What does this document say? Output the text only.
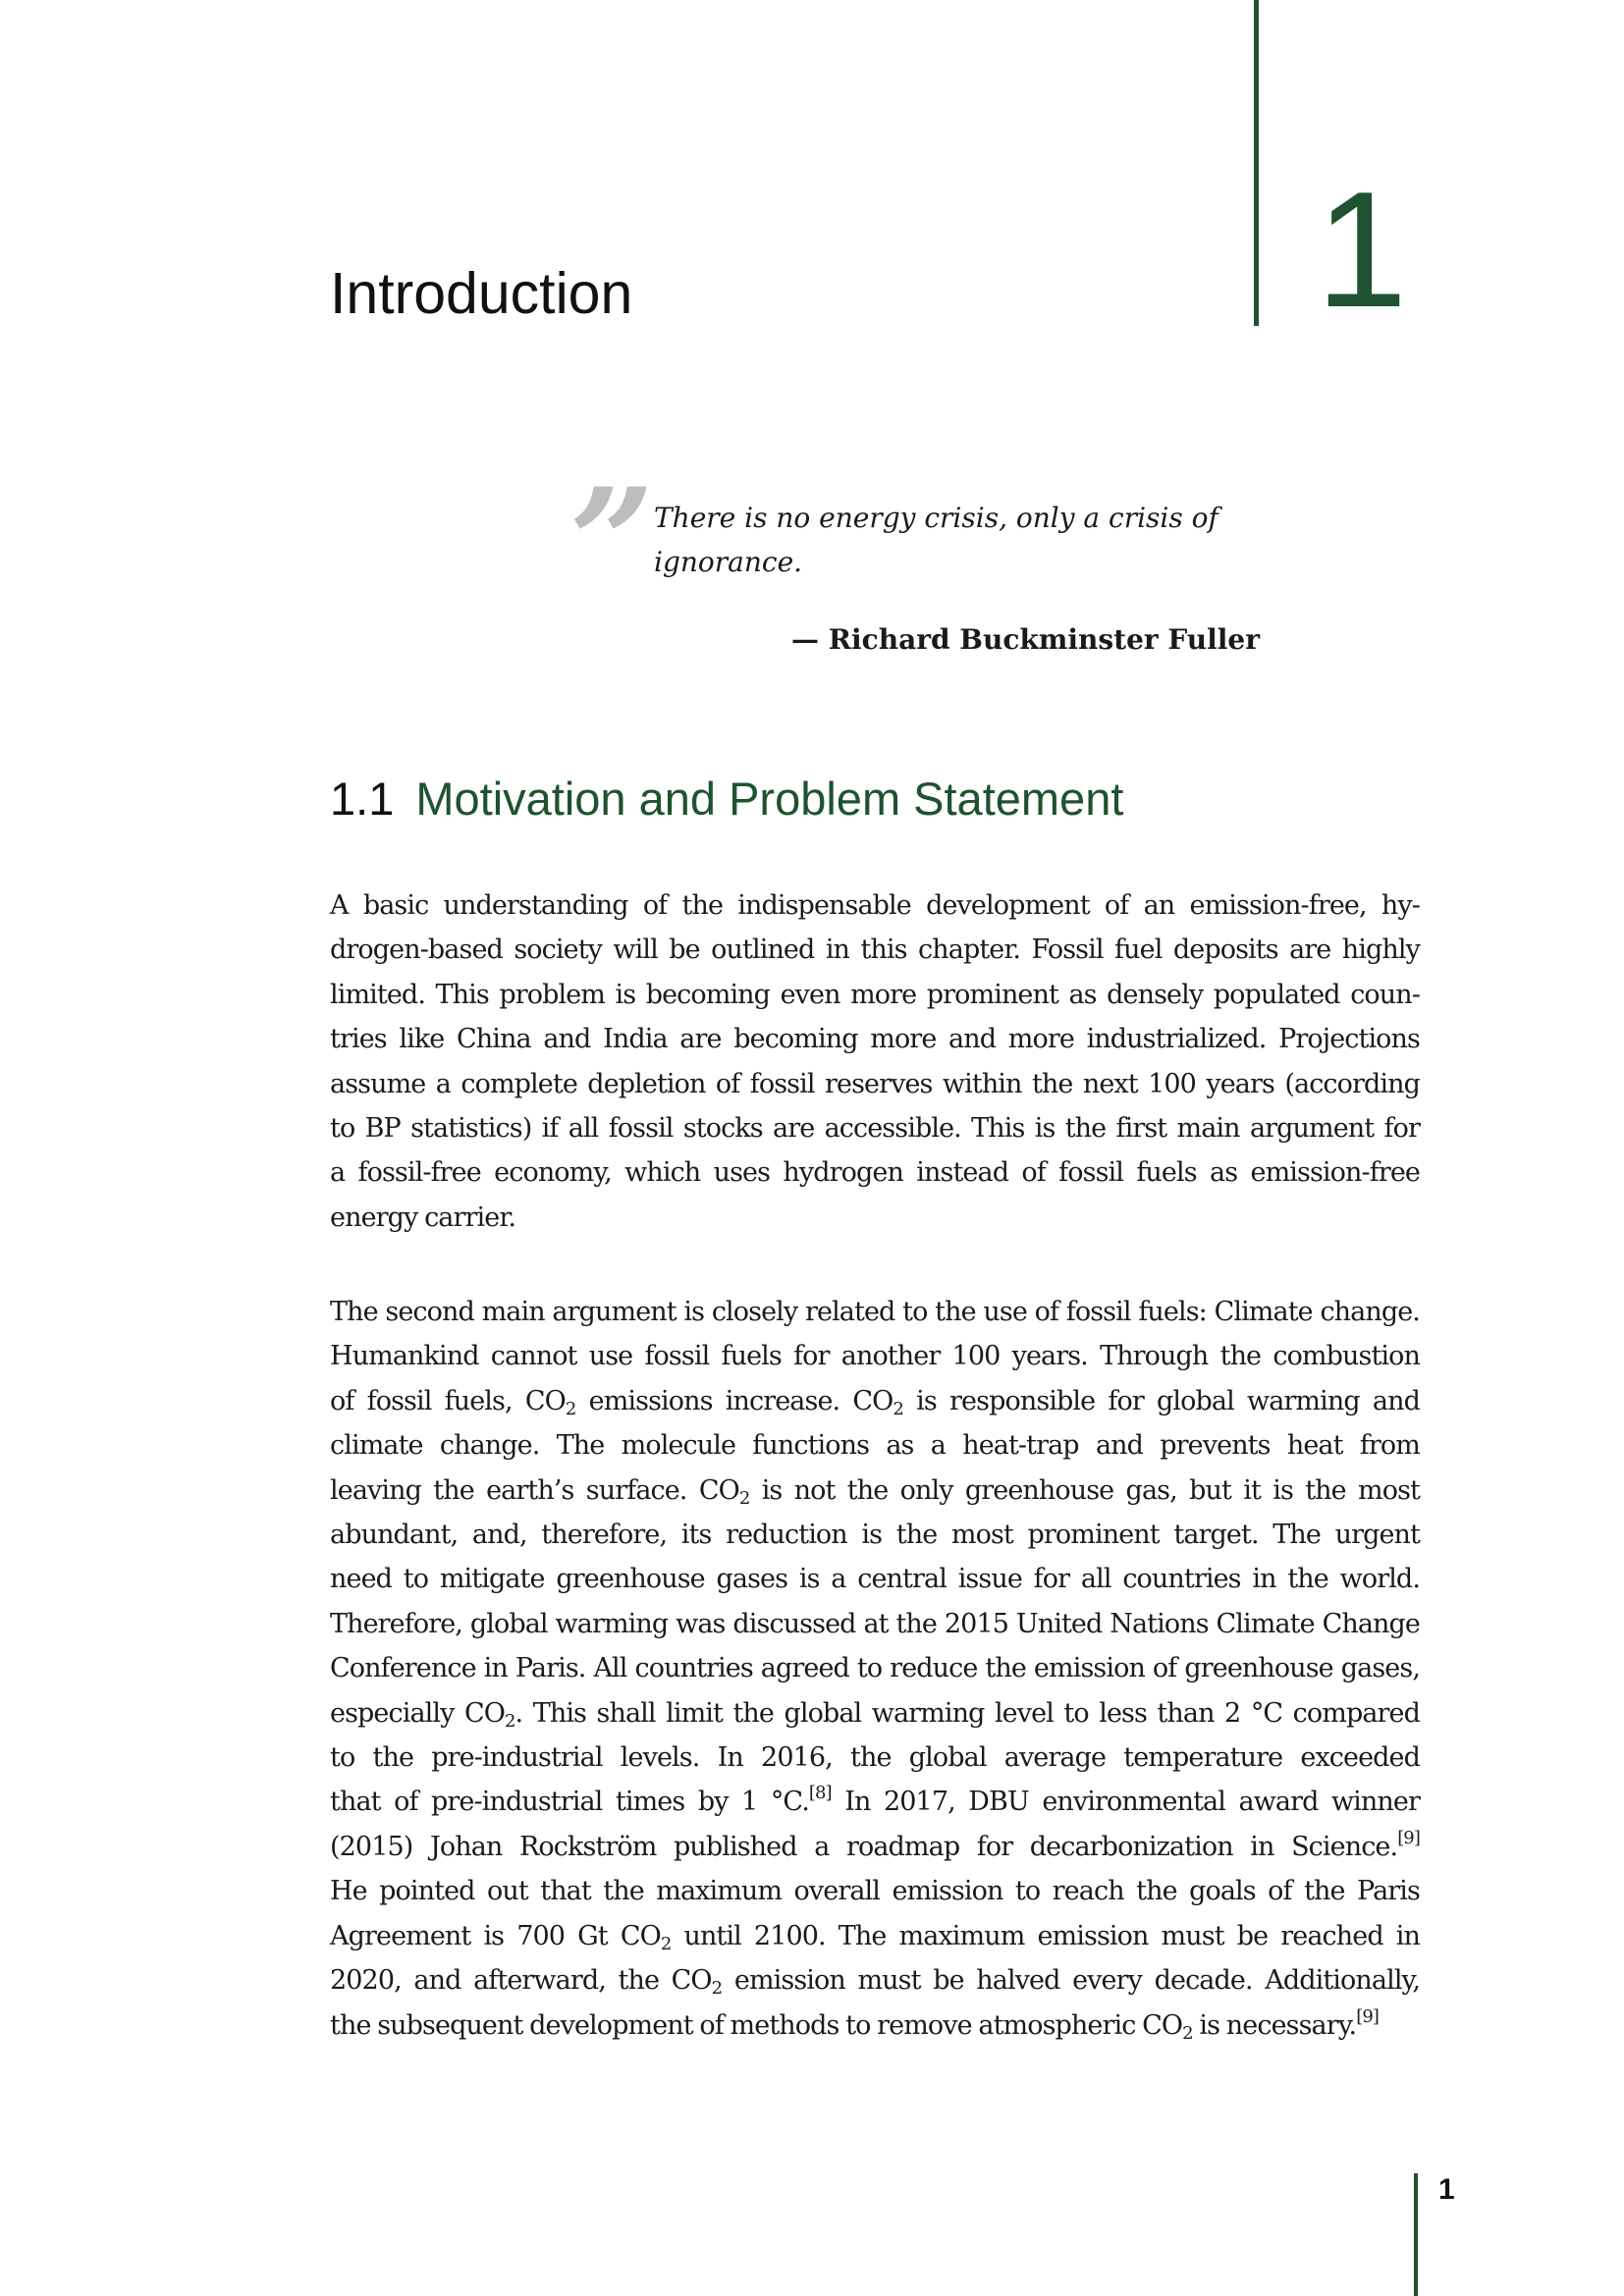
Introduction	1
” There is no energy crisis, only a crisis of ignorance.
— Richard Buckminster Fuller
1.1 Motivation and Problem Statement
A basic understanding of the indispensable development of an emission-free, hy-
drogen-based society will be outlined in this chapter. Fossil fuel deposits are highly
limited. This problem is becoming even more prominent as densely populated coun-
tries like China and India are becoming more and more industrialized. Projections
assume a complete depletion of fossil reserves within the next 100 years (according
to BP statistics) if all fossil stocks are accessible. This is the first main argument for
a fossil-free economy, which uses hydrogen instead of fossil fuels as emission-free
energy carrier.
The second main argument is closely related to the use of fossil fuels: Climate change.
Humankind cannot use fossil fuels for another 100 years. Through the combustion
of fossil fuels, $CO_2$ emissions increase. $CO_2$ is responsible for global warming and
climate change. The molecule functions as a heat-trap and prevents heat from
leaving the earth’s surface. $CO_2$ is not the only greenhouse gas, but it is the most
abundant, and, therefore, its reduction is the most prominent target. The urgent
need to mitigate greenhouse gases is a central issue for all countries in the world.
Therefore, global warming was discussed at the 2015 United Nations Climate Change
Conference in Paris. All countries agreed to reduce the emission of greenhouse gases,
especially $CO_2$. This shall limit the global warming level to less than 2 °C compared
to the pre-industrial levels. In 2016, the global average temperature exceeded
that of pre-industrial times by 1 °C.[8] In 2017, DBU environmental award winner
(2015) Johan Rockström published a roadmap for decarbonization in Science.[9]
He pointed out that the maximum overall emission to reach the goals of the Paris
Agreement is 700 Gt $CO_2$ until 2100. The maximum emission must be reached in
2020, and afterward, the $CO_2$ emission must be halved every decade. Additionally,
the subsequent development of methods to remove atmospheric $CO_2$ is necessary.[9]
1
